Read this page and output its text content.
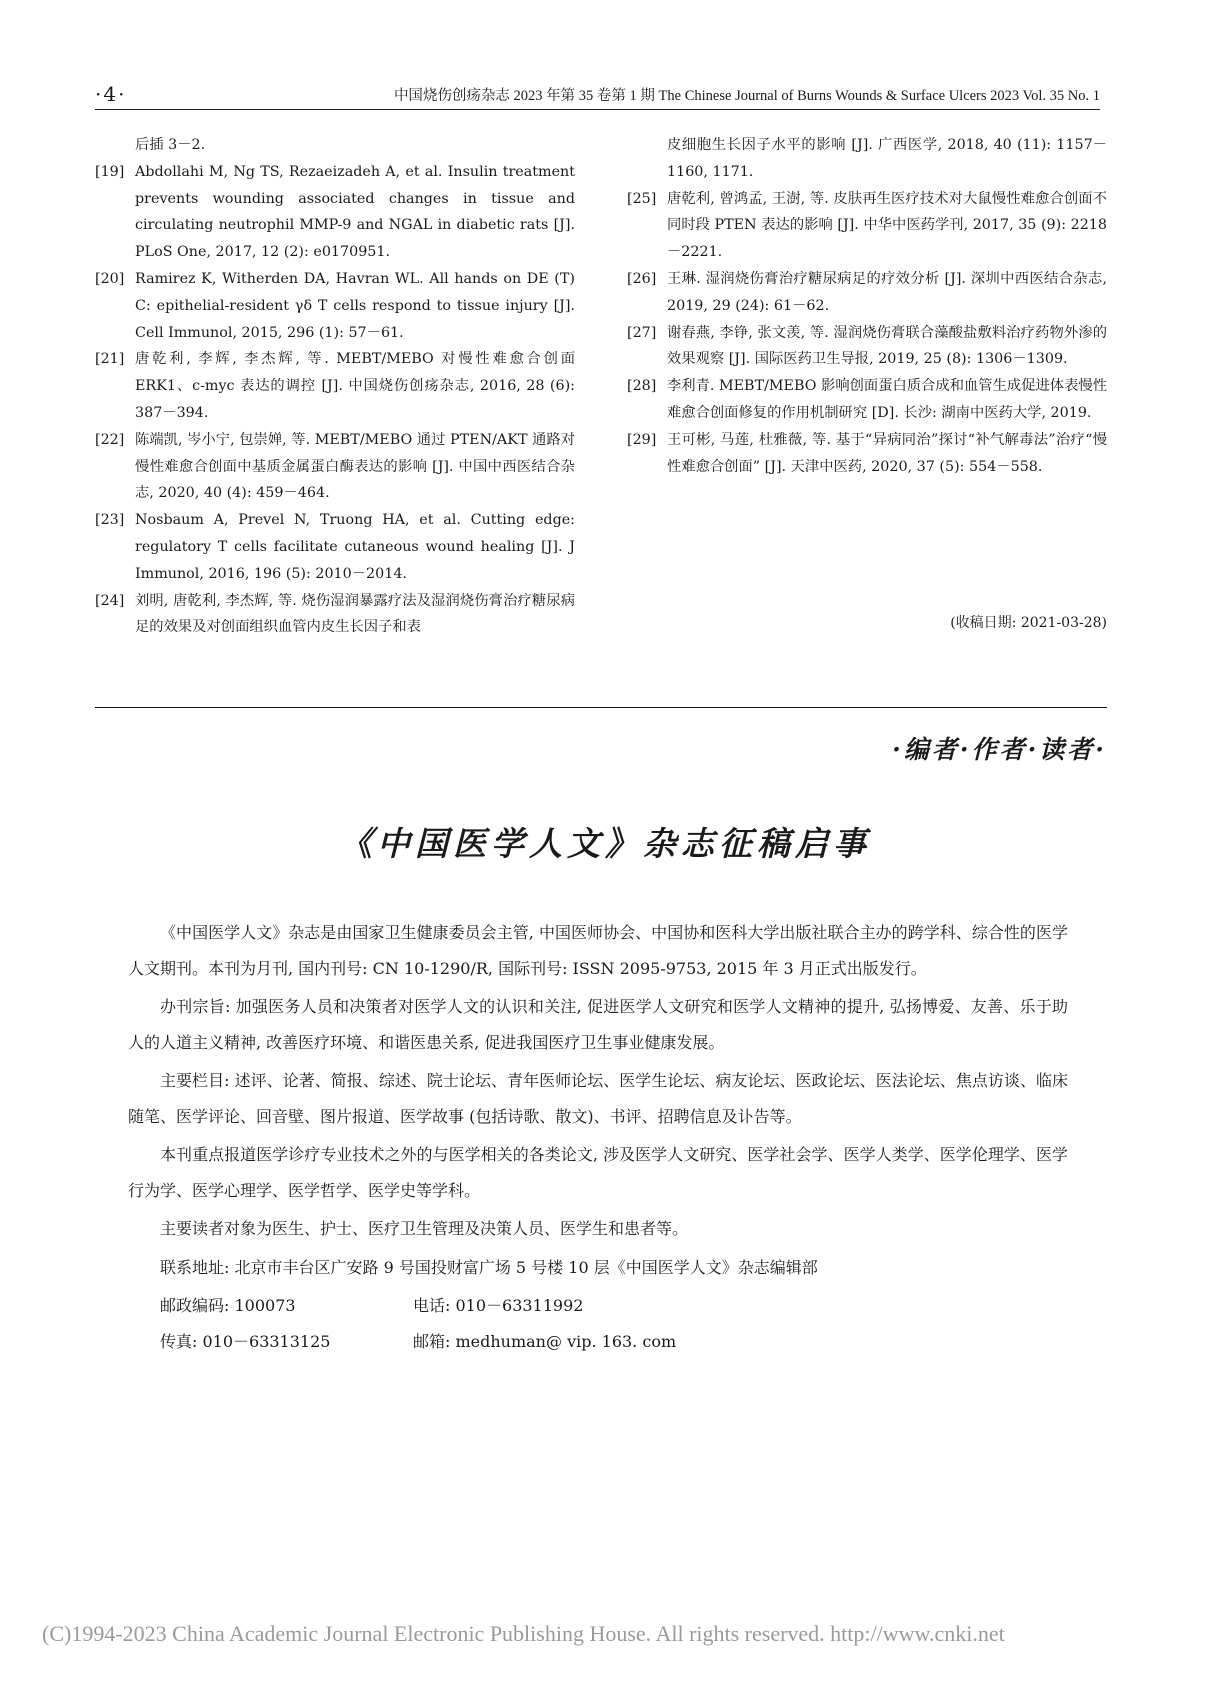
·4·	中国烧伤创疡杂志 2023 年第 35 卷第 1 期 The Chinese Journal of Burns Wounds & Surface Ulcers 2023 Vol. 35 No. 1
后插 3－2.
[19] Abdollahi M, Ng TS, Rezaeizadeh A, et al. Insulin treatment prevents wounding associated changes in tissue and circulating neutrophil MMP-9 and NGAL in diabetic rats [J]. PLoS One, 2017, 12 (2): e0170951.
[20] Ramirez K, Witherden DA, Havran WL. All hands on DE (T) C: epithelial-resident γδ T cells respond to tissue injury [J]. Cell Immunol, 2015, 296 (1): 57－61.
[21] 唐乾利, 李辉, 李杰辉, 等. MEBT/MEBO 对慢性难愈合创面 ERK1、c-myc 表达的调控 [J]. 中国烧伤创疡杂志, 2016, 28 (6): 387－394.
[22] 陈端凯, 岑小宁, 包崇婵, 等. MEBT/MEBO 通过 PTEN/AKT 通路对慢性难愈合创面中基质金属蛋白酶表达的影响 [J]. 中国中西医结合杂志, 2020, 40 (4): 459－464.
[23] Nosbaum A, Prevel N, Truong HA, et al. Cutting edge: regulatory T cells facilitate cutaneous wound healing [J]. J Immunol, 2016, 196 (5): 2010－2014.
[24] 刘明, 唐乾利, 李杰辉, 等. 烧伤湿润暴露疗法及湿润烧伤膏治疗糖尿病足的效果及对创面组织血管内皮生长因子和表
皮细胞生长因子水平的影响 [J]. 广西医学, 2018, 40 (11): 1157－1160, 1171.
[25] 唐乾利, 曾鸿孟, 王澍, 等. 皮肤再生医疗技术对大鼠慢性难愈合创面不同时段 PTEN 表达的影响 [J]. 中华中医药学刊, 2017, 35 (9): 2218－2221.
[26] 王琳. 湿润烧伤膏治疗糖尿病足的疗效分析 [J]. 深圳中西医结合杂志, 2019, 29 (24): 61－62.
[27] 谢春燕, 李铮, 张文羡, 等. 湿润烧伤膏联合藻酸盐敷料治疗药物外渗的效果观察 [J]. 国际医药卫生导报, 2019, 25 (8): 1306－1309.
[28] 李利青. MEBT/MEBO 影响创面蛋白质合成和血管生成促进体表慢性难愈合创面修复的作用机制研究 [D]. 长沙: 湖南中医药大学, 2019.
[29] 王可彬, 马莲, 杜雅薇, 等. 基于“异病同治”探讨“补气解毒法”治疗“慢性难愈合创面” [J]. 天津中医药, 2020, 37 (5): 554－558.
(收稿日期: 2021-03-28)
·编者·作者·读者·
《中国医学人文》杂志征稿启事

《中国医学人文》杂志是由国家卫生健康委员会主管, 中国医师协会、中国协和医科大学出版社联合主办的跨学科、综合性的医学人文期刊。本刊为月刊, 国内刊号: CN 10-1290/R, 国际刊号: ISSN 2095-9753, 2015 年 3 月正式出版发行。

办刊宗旨: 加强医务人员和决策者对医学人文的认识和关注, 促进医学人文研究和医学人文精神的提升, 弘扬博爱、友善、乐于助人的人道主义精神, 改善医疗环境、和谐医患关系, 促进我国医疗卫生事业健康发展。

主要栏目: 述评、论著、简报、综述、院士论坛、青年医师论坛、医学生论坛、病友论坛、医政论坛、医法论坛、焦点访谈、临床随笔、医学评论、回音壁、图片报道、医学故事 (包括诗歌、散文)、书评、招聘信息及讣告等。

本刊重点报道医学诊疗专业技术之外的与医学相关的各类论文, 涉及医学人文研究、医学社会学、医学人类学、医学伦理学、医学行为学、医学心理学、医学哲学、医学史等学科。

主要读者对象为医生、护士、医疗卫生管理及决策人员、医学生和患者等。

联系地址: 北京市丰台区广安路 9 号国投财富广场 5 号楼 10 层《中国医学人文》杂志编辑部

邮政编码: 100073	电话: 010－63311992
传真: 010－63313125	邮箱: medhuman@ vip. 163. com
(C)1994-2023 China Academic Journal Electronic Publishing House. All rights reserved. http://www.cnki.net
